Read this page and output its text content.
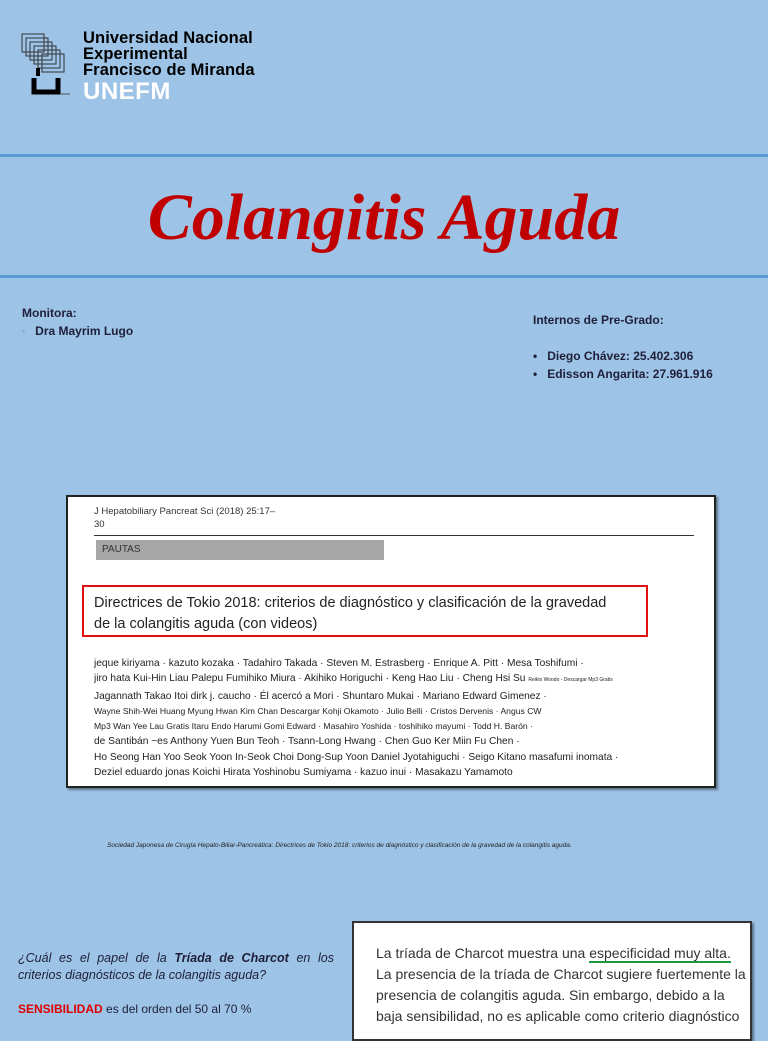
Universidad Nacional
Experimental
Francisco de Miranda
UNEFM
Colangitis Aguda
Monitora:
• Dra Mayrim Lugo
Internos de Pre-Grado:
• Diego Chávez: 25.402.306
• Edisson Angarita: 27.961.916
J Hepatobiliary Pancreat Sci (2018) 25:17–
30
PAUTAS
Directrices de Tokio 2018: criterios de diagnóstico y clasificación de la gravedad
de la colangitis aguda (con videos)
jeque kiriyama · kazuto kozaka · Tadahiro Takada · Steven M. Estrasberg · Enrique A. Pitt · Mesa Toshifumi ·
jiro hata Kui-Hin Liau Palepu Fumihiko Miura · Akihiko Horiguchi · Keng Hao Liu · Cheng Hsi Su Reikio Woodo - Descargar Mp3 Gratis
Jagannath Takao Itoi dirk j. caucho · Él acercó a Mori · Shuntaro Mukai · Mariano Edward Gimenez ·
Wayne Shih-Wei Huang Myung Hwan Kim Chan Descargar Kohji Okamoto · Julio Belli · Cristos Dervenis · Angus CW
Mp3 Wan Yee Lau Gratis Itaru Endo Harumi Gomi Edward · Masahiro Yoshida · toshihiko mayumi · Todd H. Barón ·
de Santibán ~es Anthony Yuen Bun Teoh · Tsann-Long Hwang · Chen Guo Ker Miin Fu Chen ·
Ho Seong Han Yoo Seok Yoon In-Seok Choi Dong-Sup Yoon Daniel Jyotahiguchi · Seigo Kitano masafumi inomata ·
Deziel eduardo jonas Koichi Hirata Yoshinobu Sumiyama · kazuo inui · Masakazu Yamamoto
Sociedad Japonesa de Cirugía Hepato-Biliar-Pancreática: Directrices de Tokio 2018: criterios de diagnóstico y clasificación de la gravedad de la colangitis aguda.
¿Cuál es el papel de la Tríada de Charcot en los criterios diagnósticos de la colangitis aguda?
SENSIBILIDAD es del orden del 50 al 70 %
La tríada de Charcot muestra una especificidad muy alta.
La presencia de la tríada de Charcot sugiere fuertemente la
presencia de colangitis aguda. Sin embargo, debido a la
baja sensibilidad, no es aplicable como criterio diagnóstico
